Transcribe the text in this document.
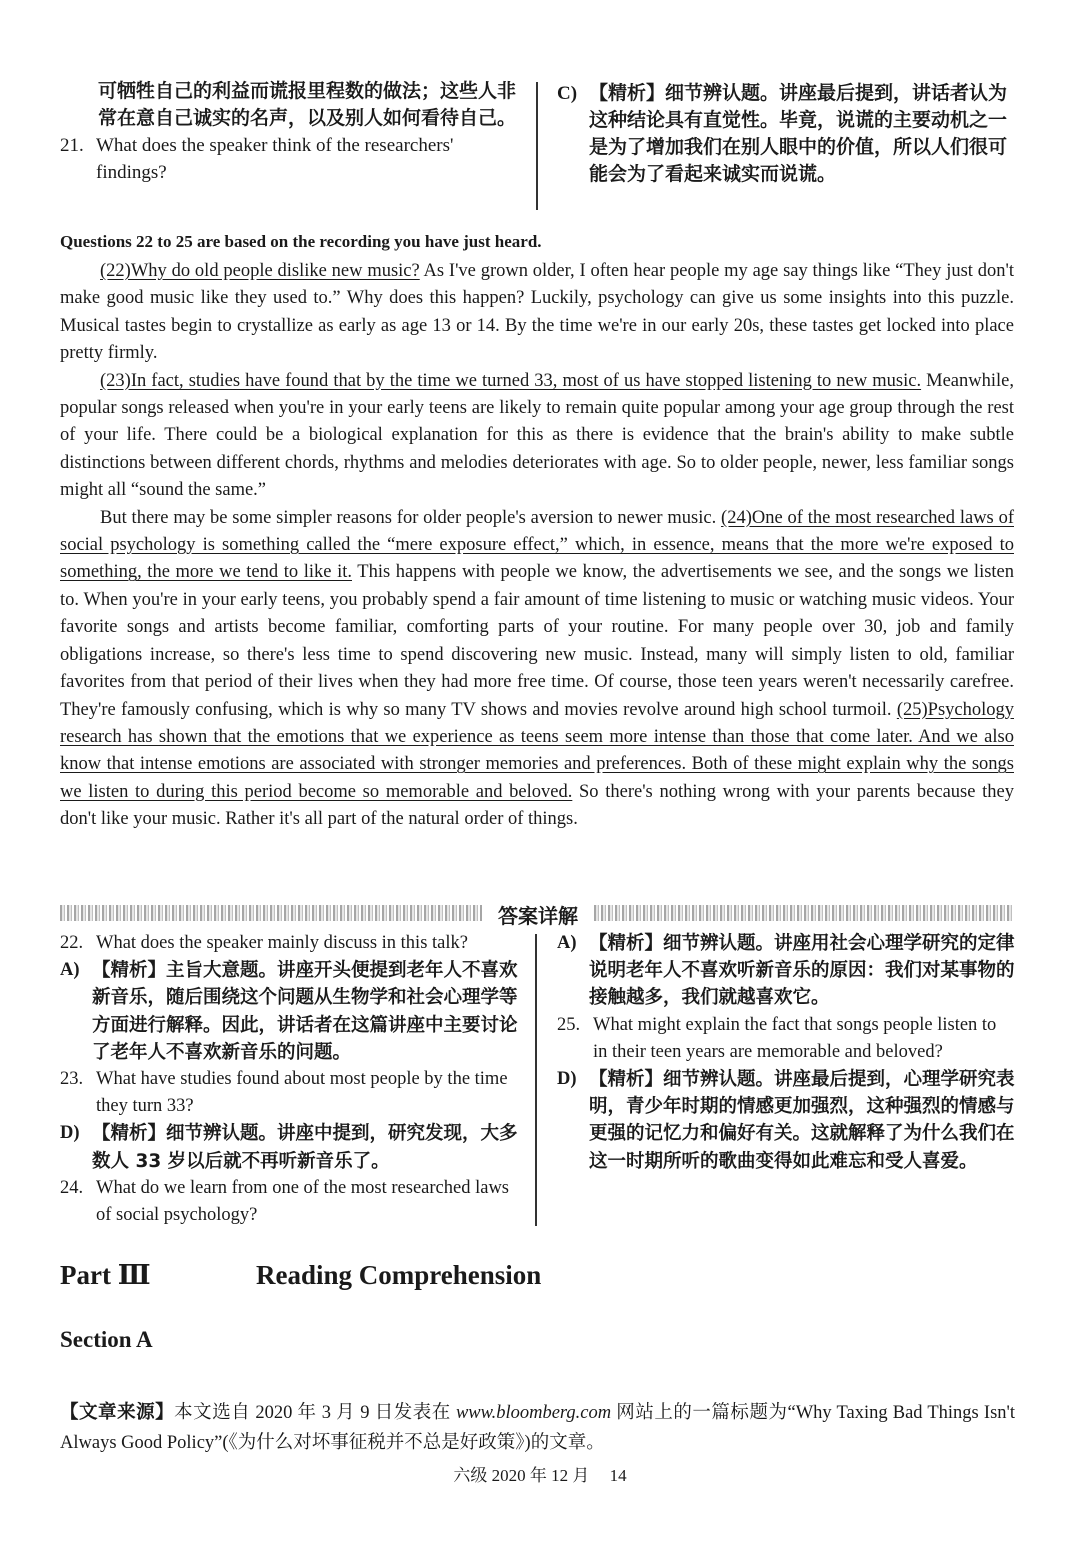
可牺牲自己的利益而谎报里程数的做法；这些人非常在意自己诚实的名声，以及别人如何看待自己。
21. What does the speaker think of the researchers' findings?
C) 【精析】细节辨认题。讲座最后提到，讲话者认为这种结论具有直觉性。毕竟，说谎的主要动机之一是为了增加我们在别人眼中的价值，所以人们很可能会为了看起来诚实而说谎。
Questions 22 to 25 are based on the recording you have just heard.

(22)Why do old people dislike new music? As I've grown older, I often hear people my age say things like “They just don't make good music like they used to.” Why does this happen? Luckily, psychology can give us some insights into this puzzle. Musical tastes begin to crystallize as early as age 13 or 14. By the time we're in our early 20s, these tastes get locked into place pretty firmly.

(23)In fact, studies have found that by the time we turned 33, most of us have stopped listening to new music. Meanwhile, popular songs released when you're in your early teens are likely to remain quite popular among your age group through the rest of your life. There could be a biological explanation for this as there is evidence that the brain's ability to make subtle distinctions between different chords, rhythms and melodies deteriorates with age. So to older people, newer, less familiar songs might all “sound the same.”

But there may be some simpler reasons for older people's aversion to newer music. (24)One of the most researched laws of social psychology is something called the “mere exposure effect,” which, in essence, means that the more we're exposed to something, the more we tend to like it. This happens with people we know, the advertisements we see, and the songs we listen to. When you're in your early teens, you probably spend a fair amount of time listening to music or watching music videos. Your favorite songs and artists become familiar, comforting parts of your routine. For many people over 30, job and family obligations increase, so there's less time to spend discovering new music. Instead, many will simply listen to old, familiar favorites from that period of their lives when they had more free time. Of course, those teen years weren't necessarily carefree. They're famously confusing, which is why so many TV shows and movies revolve around high school turmoil. (25)Psychology research has shown that the emotions that we experience as teens seem more intense than those that come later. And we also know that intense emotions are associated with stronger memories and preferences. Both of these might explain why the songs we listen to during this period become so memorable and beloved. So there's nothing wrong with your parents because they don't like your music. Rather it's all part of the natural order of things.

答案详解
22. What does the speaker mainly discuss in this talk?
A) 【精析】主旨大意题。讲座开头便提到老年人不喜欢新音乐，随后围绕这个问题从生物学和社会心理学等方面进行解释。因此，讲话者在这篇讲座中主要讨论了老年人不喜欢新音乐的问题。
23. What have studies found about most people by the time they turn 33?
D) 【精析】细节辨认题。讲座中提到，研究发现，大多数人 33 岁以后就不再听新音乐了。
24. What do we learn from one of the most researched laws of social psychology?
A) 【精析】细节辨认题。讲座用社会心理学研究的定律说明老年人不喜欢听新音乐的原因：我们对某事物的接触越多，我们就越喜欢它。
25. What might explain the fact that songs people listen to in their teen years are memorable and beloved?
D) 【精析】细节辨认题。讲座最后提到，心理学研究表明，青少年时期的情感更加强烈，这种强烈的情感与更强的记忆力和偏好有关。这就解释了为什么我们在这一时期所听的歌曲变得如此难忘和受人喜爱。
Part Ⅲ	Reading Comprehension
Section A
【文章来源】本文选自 2020 年 3 月 9 日发表在 www.bloomberg.com 网站上的一篇标题为“Why Taxing Bad Things Isn't Always Good Policy”(《为什么对坏事征税并不总是好政策》)的文章。
六级 2020 年 12 月 14
